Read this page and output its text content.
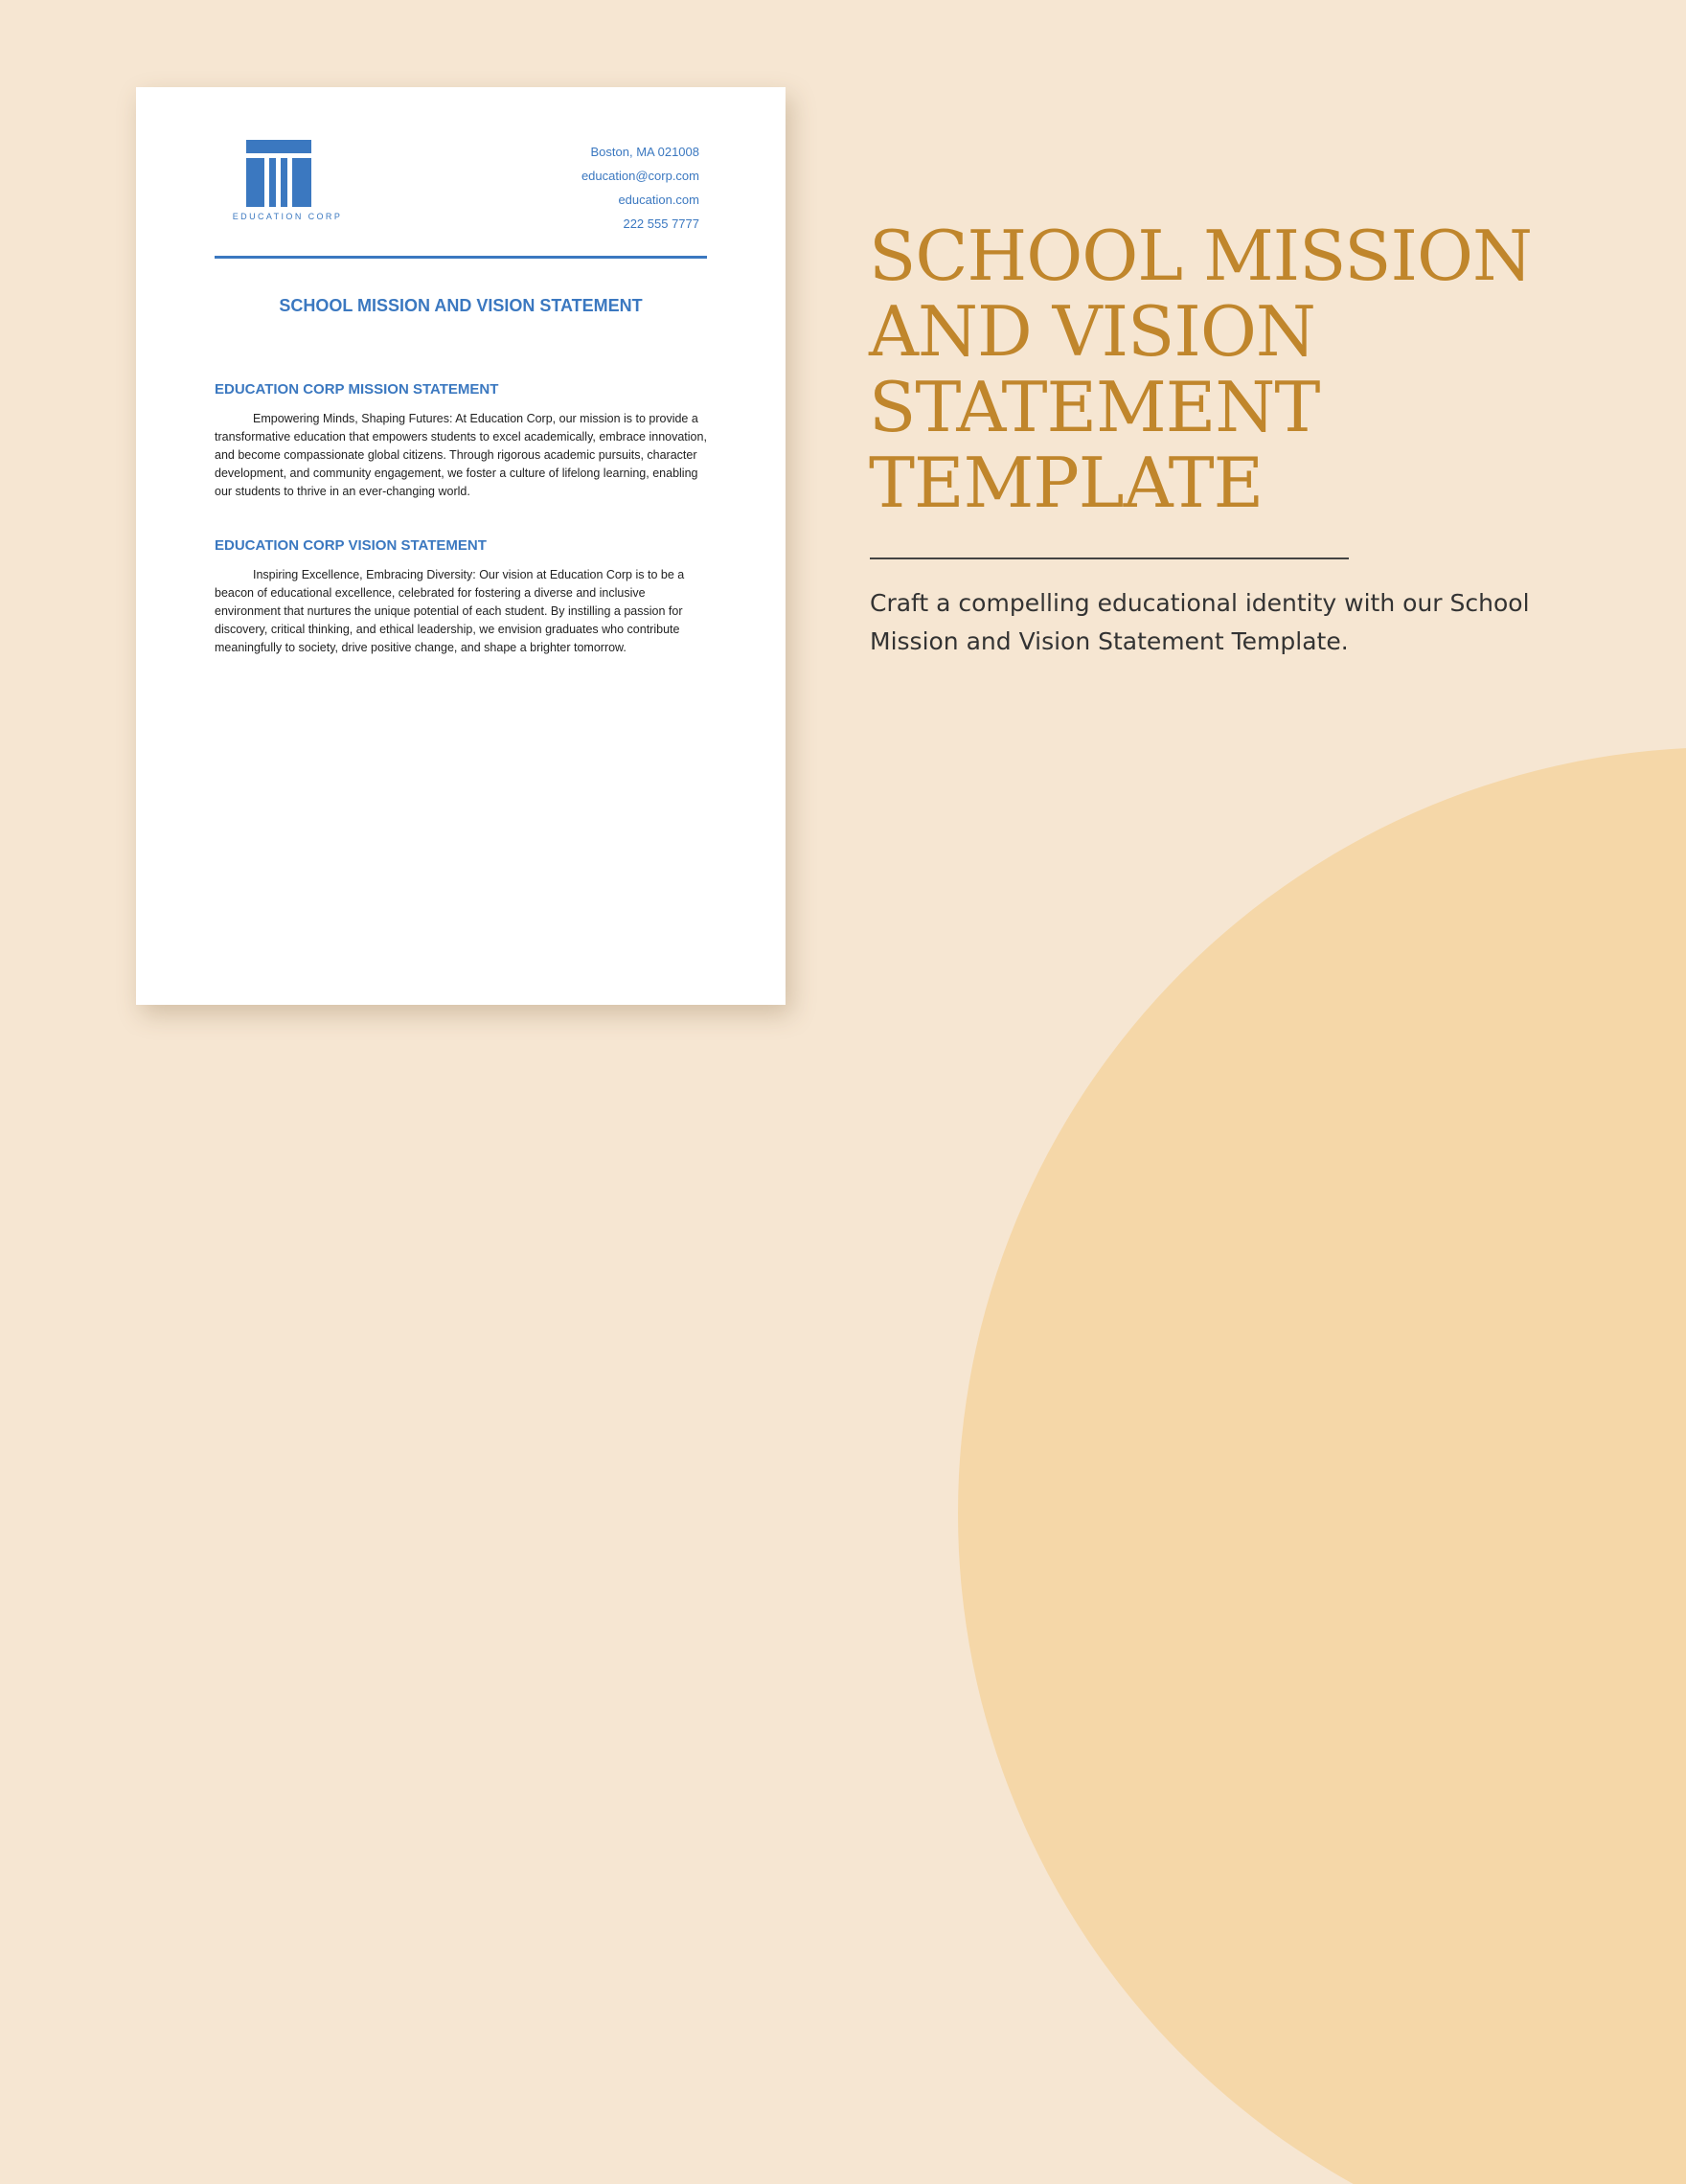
EDUCATION CORP
Boston, MA 021008
education@corp.com
education.com
222 555 7777
SCHOOL MISSION AND VISION STATEMENT
EDUCATION CORP MISSION STATEMENT
Empowering Minds, Shaping Futures: At Education Corp, our mission is to provide a transformative education that empowers students to excel academically, embrace innovation, and become compassionate global citizens. Through rigorous academic pursuits, character development, and community engagement, we foster a culture of lifelong learning, enabling our students to thrive in an ever-changing world.
EDUCATION CORP VISION STATEMENT
Inspiring Excellence, Embracing Diversity: Our vision at Education Corp is to be a beacon of educational excellence, celebrated for fostering a diverse and inclusive environment that nurtures the unique potential of each student. By instilling a passion for discovery, critical thinking, and ethical leadership, we envision graduates who contribute meaningfully to society, drive positive change, and shape a brighter tomorrow.
SCHOOL MISSION AND VISION STATEMENT TEMPLATE
Craft a compelling educational identity with our School Mission and Vision Statement Template.
